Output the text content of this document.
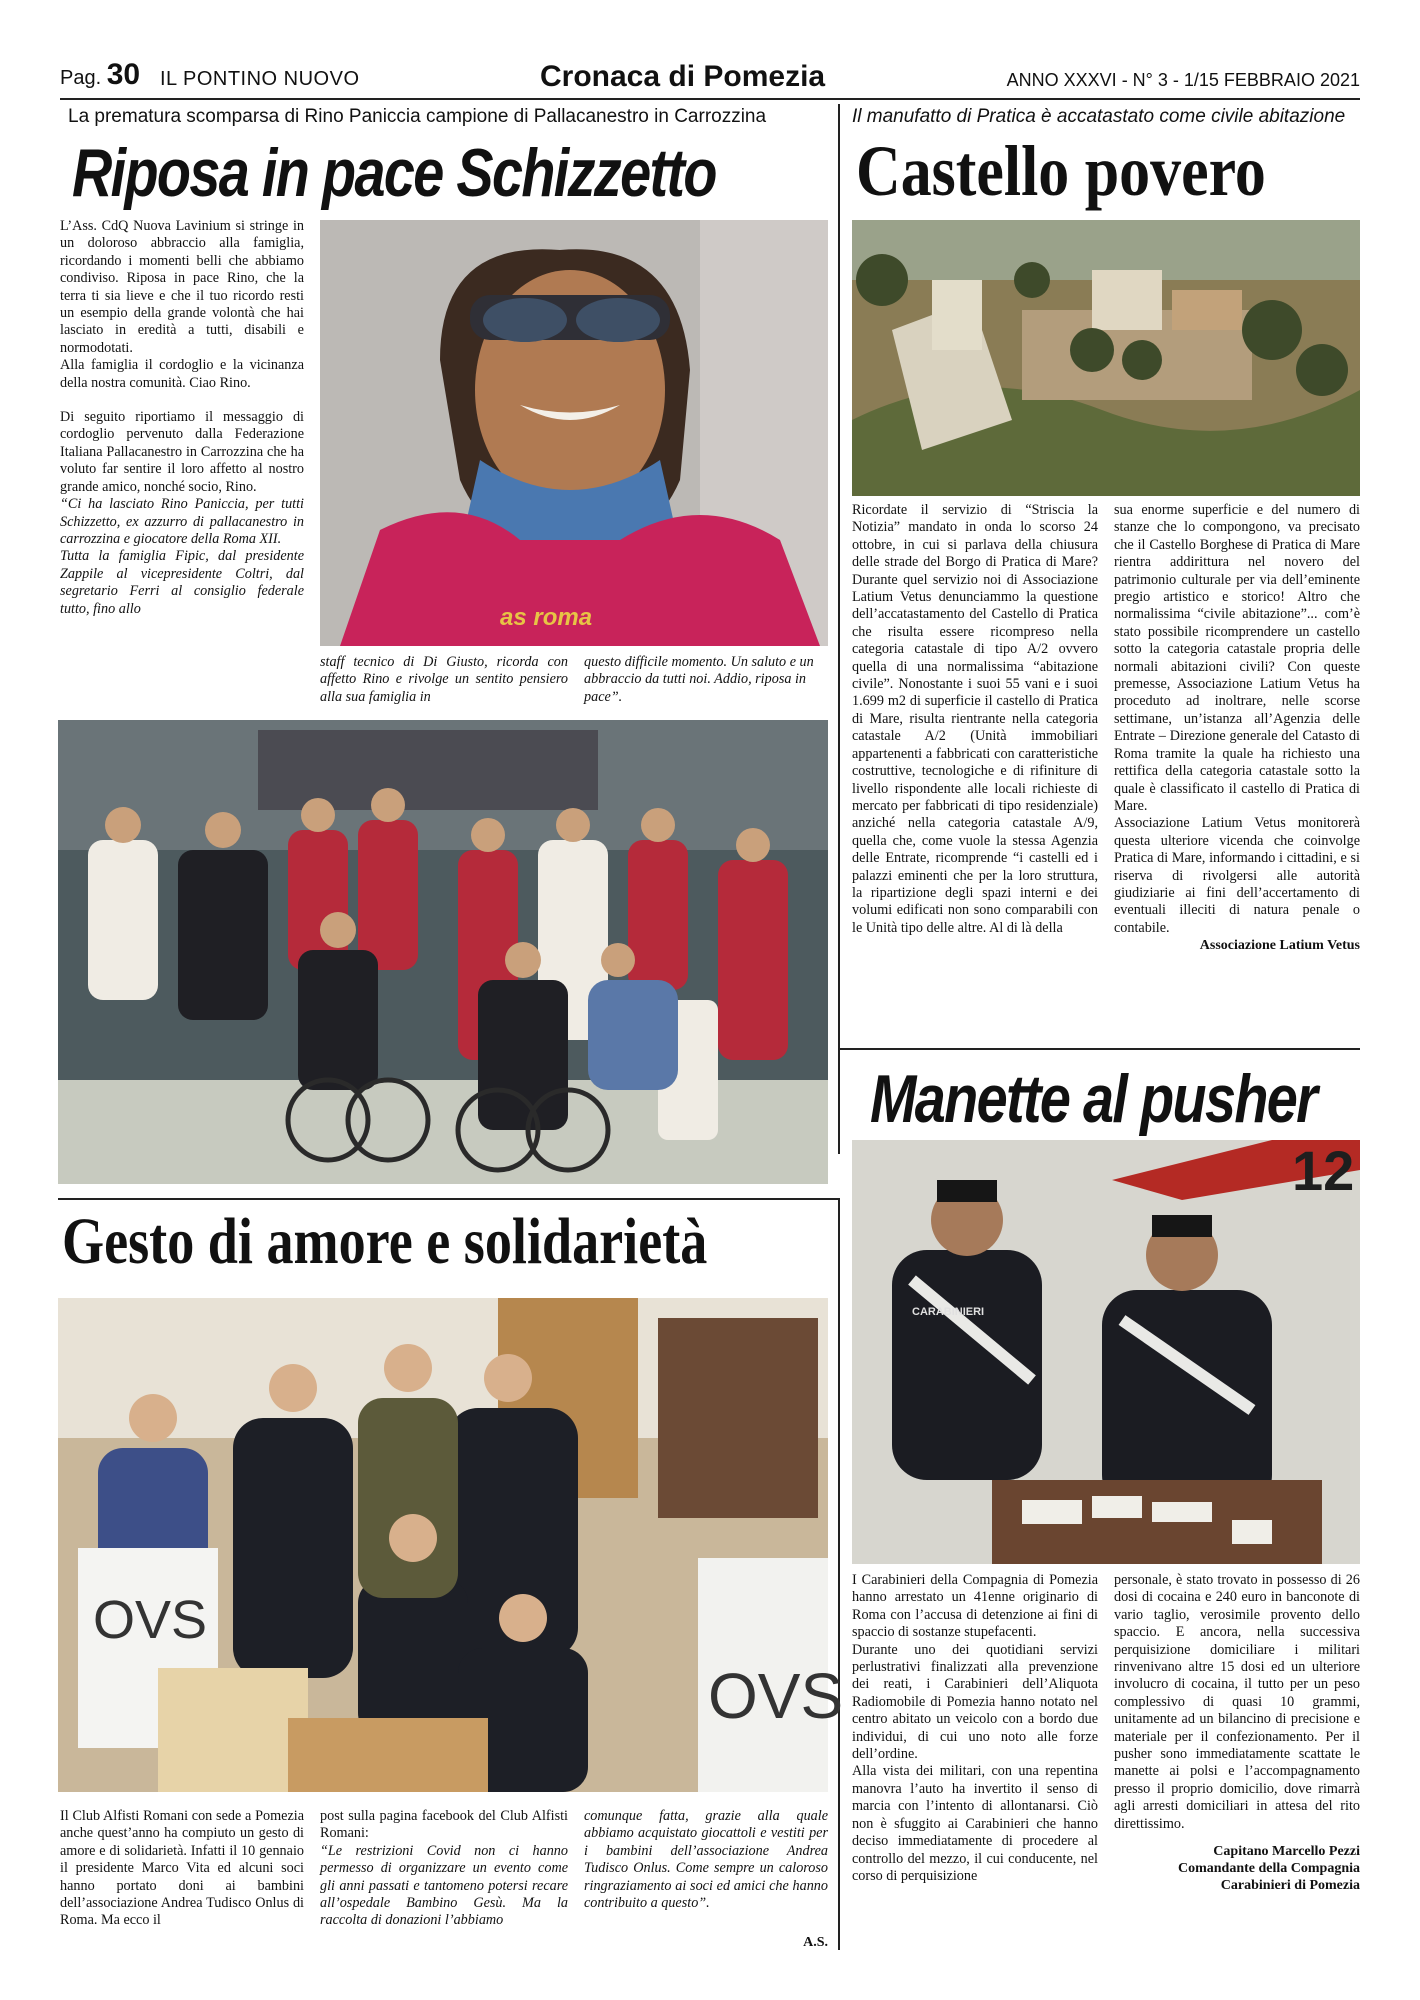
Pag. 30 IL PONTINO NUOVO	Cronaca di Pomezia	ANNO XXXVI - N° 3 - 1/15 FEBBRAIO 2021
La prematura scomparsa di Rino Paniccia campione di Pallacanestro in Carrozzina
Riposa in pace Schizzetto

L’Ass. CdQ Nuova Lavinium si stringe in un doloroso abbraccio alla famiglia, ricordando i momenti belli che abbiamo condiviso. Riposa in pace Rino, che la terra ti sia lieve e che il tuo ricordo resti un esempio della grande volontà che hai lasciato in eredità a tutti, disabili e normodotati.

Alla famiglia il cordoglio e la vicinanza della nostra comunità. Ciao Rino.

Di seguito riportiamo il messaggio di cordoglio pervenuto dalla Federazione Italiana Pallacanestro in Carrozzina che ha voluto far sentire il loro affetto al nostro grande amico, nonché socio, Rino.

“Ci ha lasciato Rino Paniccia, per tutti Schizzetto, ex azzurro di pallacanestro in carrozzina e giocatore della Roma XII.

Tutta la famiglia Fipic, dal presidente Zappile al vicepresidente Coltri, dal segretario Ferri al consiglio federale tutto, fino allo	as roma
staff tecnico di Di Giusto, ricorda con affetto Rino e rivolge un sentito pensiero alla sua famiglia in
questo difficile momento. Un saluto e un abbraccio da tutti noi. Addio, riposa in pace”.
Gesto di amore e solidarietà
OVS
OVS
Il Club Alfisti Romani con sede a Pomezia anche quest’anno ha compiuto un gesto di amore e di solidarietà. Infatti il 10 gennaio il presidente Marco Vita ed alcuni soci hanno portato doni ai bambini dell’associazione Andrea Tudisco Onlus di Roma. Ma ecco il

post sulla pagina facebook del Club Alfisti Romani:

“Le restrizioni Covid non ci hanno permesso di organizzare un evento come gli anni passati e tantomeno potersi recare all’ospedale Bambino Gesù. Ma la raccolta di donazioni l’abbiamo

comunque fatta, grazie alla quale abbiamo acquistato giocattoli e vestiti per i bambini dell’associazione Andrea Tudisco Onlus. Come sempre un caloroso ringraziamento ai soci ed amici che hanno contribuito a questo”.
A.S.
Il manufatto di Pratica è accatastato come civile abitazione
Castello povero
Ricordate il servizio di “Striscia la Notizia” mandato in onda lo scorso 24 ottobre, in cui si parlava della chiusura delle strade del Borgo di Pratica di Mare? Durante quel servizio noi di Associazione Latium Vetus denunciammo la questione dell’accatastamento del Castello di Pratica che risulta essere ricompreso nella categoria catastale di tipo A/2 ovvero quella di una normalissima “abitazione civile”. Nonostante i suoi 55 vani e i suoi 1.699 m2 di superficie il castello di Pratica di Mare, risulta rientrante nella categoria catastale A/2 (Unità immobiliari appartenenti a fabbricati con caratteristiche costruttive, tecnologiche e di rifiniture di livello rispondente alle locali richieste di mercato per fabbricati di tipo residenziale) anziché nella categoria catastale A/9, quella che, come vuole la stessa Agenzia delle Entrate, ricomprende “i castelli ed i palazzi eminenti che per la loro struttura, la ripartizione degli spazi interni e dei volumi edificati non sono comparabili con le Unità tipo delle altre. Al di là della

sua enorme superficie e del numero di stanze che lo compongono, va precisato che il Castello Borghese di Pratica di Mare rientra addirittura nel novero del patrimonio culturale per via dell’eminente pregio artistico e storico! Altro che normalissima “civile abitazione”... com’è stato possibile ricomprendere un castello sotto la categoria catastale propria delle normali abitazioni civili? Con queste premesse, Associazione Latium Vetus ha proceduto ad inoltrare, nelle scorse settimane, un’istanza all’Agenzia delle Entrate – Direzione generale del Catasto di Roma tramite la quale ha richiesto una rettifica della categoria catastale sotto la quale è classificato il castello di Pratica di Mare.

Associazione Latium Vetus monitorerà questa ulteriore vicenda che coinvolge Pratica di Mare, informando i cittadini, e si riserva di rivolgersi alle autorità giudiziarie ai fini dell’accertamento di eventuali illeciti di natura penale o contabile.

Associazione Latium Vetus
Manette al pusher
12
CARABINIERI

I Carabinieri della Compagnia di Pomezia hanno arrestato un 41enne originario di Roma con l’accusa di detenzione ai fini di spaccio di sostanze stupefacenti.

Durante uno dei quotidiani servizi perlustrativi finalizzati alla prevenzione dei reati, i Carabinieri dell’Aliquota Radiomobile di Pomezia hanno notato nel centro abitato un veicolo con a bordo due individui, di cui uno noto alle forze dell’ordine.

Alla vista dei militari, con una repentina manovra l’auto ha invertito il senso di marcia con l’intento di allontanarsi. Ciò non è sfuggito ai Carabinieri che hanno deciso immediatamente di procedere al controllo del mezzo, il cui conducente, nel corso di perquisizione

personale, è stato trovato in possesso di 26 dosi di cocaina e 240 euro in banconote di vario taglio, verosimile provento dello spaccio. E ancora, nella successiva perquisizione domiciliare i militari rinvenivano altre 15 dosi ed un ulteriore involucro di cocaina, il tutto per un peso complessivo di quasi 10 grammi, unitamente ad un bilancino di precisione e materiale per il confezionamento. Per il pusher sono immediatamente scattate le manette ai polsi e l’accompagnamento presso il proprio domicilio, dove rimarrà agli arresti domiciliari in attesa del rito direttissimo.

Capitano Marcello Pezzi
Comandante della Compagnia
Carabinieri di Pomezia
